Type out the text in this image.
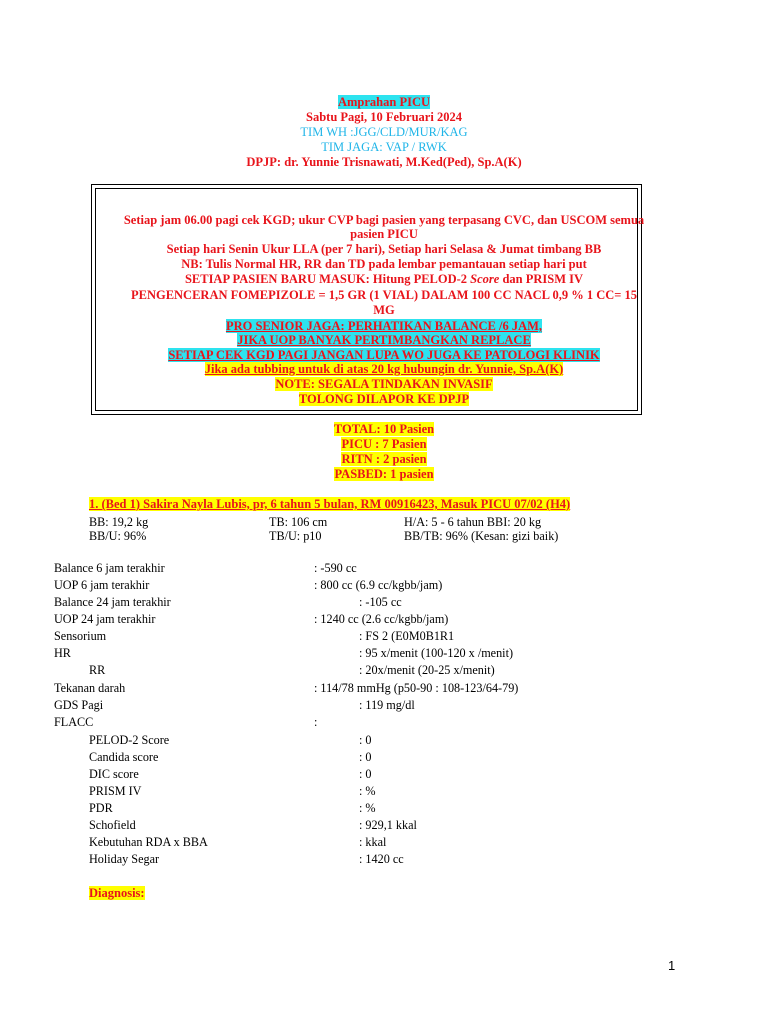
Amprahan PICU
Sabtu Pagi, 10 Februari 2024
TIM WH :JGG/CLD/MUR/KAG
TIM JAGA: VAP / RWK
DPJP: dr. Yunnie Trisnawati, M.Ked(Ped), Sp.A(K)
Setiap jam 06.00 pagi cek KGD; ukur CVP bagi pasien yang terpasang CVC, dan USCOM semua
pasien PICU
Setiap hari Senin Ukur LLA (per 7 hari), Setiap hari Selasa & Jumat timbang BB
NB: Tulis Normal HR, RR dan TD pada lembar pemantauan setiap hari put
SETIAP PASIEN BARU MASUK: Hitung PELOD-2 Score dan PRISM IV
PENGENCERAN FOMEPIZOLE = 1,5 GR (1 VIAL) DALAM 100 CC NACL 0,9 % 1 CC= 15
MG
PRO SENIOR JAGA: PERHATIKAN BALANCE /6 JAM,
JIKA UOP BANYAK PERTIMBANGKAN REPLACE
SETIAP CEK KGD PAGI JANGAN LUPA WO JUGA KE PATOLOGI KLINIK
Jika ada tubbing untuk di atas 20 kg hubungin dr. Yunnie, Sp.A(K)
NOTE: SEGALA TINDAKAN INVASIF
TOLONG DILAPOR KE DPJP
TOTAL: 10 Pasien
PICU : 7 Pasien
RITN : 2 pasien
PASBED: 1 pasien
1. (Bed 1) Sakira Nayla Lubis, pr, 6 tahun 5 bulan, RM 00916423, Masuk PICU 07/02 (H4)
BB: 19,2 kg	TB: 106 cm	H/A: 5 - 6 tahun BBI: 20 kg
BB/U: 96%	TB/U: p10	BB/TB: 96% (Kesan: gizi baik)
Balance 6 jam terakhir	: -590 cc
UOP 6 jam terakhir	: 800 cc (6.9 cc/kgbb/jam)
Balance 24 jam terakhir	: -105 cc
UOP 24 jam terakhir	: 1240 cc (2.6 cc/kgbb/jam)
Sensorium	: FS 2 (E0M0B1R1
HR	: 95 x/menit (100-120 x /menit)
RR	: 20x/menit (20-25 x/menit)
Tekanan darah	: 114/78 mmHg (p50-90 : 108-123/64-79)
GDS Pagi	: 119 mg/dl
FLACC	:
PELOD-2 Score	: 0
Candida score	: 0
DIC score	: 0
PRISM IV	: %
PDR	: %
Schofield	: 929,1 kkal
Kebutuhan RDA x BBA	: kkal
Holiday Segar	: 1420 cc
Diagnosis:
1
